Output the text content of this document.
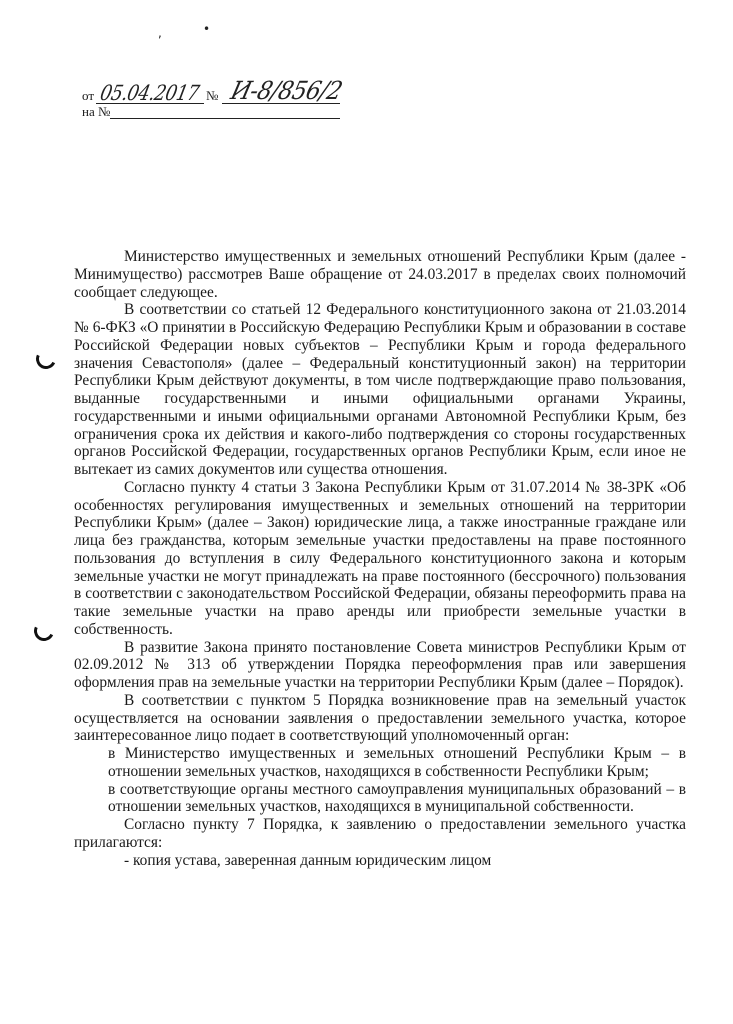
,	•
от 05.04.2017 № И-8/856/2
на №

Министерство имущественных и земельных отношений Республики Крым (далее - Минимущество) рассмотрев Ваше обращение от 24.03.2017 в пределах своих полномочий сообщает следующее.

В соответствии со статьей 12 Федерального конституционного закона от 21.03.2014 № 6-ФКЗ «О принятии в Российскую Федерацию Республики Крым и образовании в составе Российской Федерации новых субъектов – Республики Крым и города федерального значения Севастополя» (далее – Федеральный конституционный закон) на территории Республики Крым действуют документы, в том числе подтверждающие право пользования, выданные государственными и иными официальными органами Украины, государственными и иными официальными органами Автономной Республики Крым, без ограничения срока их действия и какого-либо подтверждения со стороны государственных органов Российской Федерации, государственных органов Республики Крым, если иное не вытекает из самих документов или существа отношения.

Согласно пункту 4 статьи 3 Закона Республики Крым от 31.07.2014 № 38-ЗРК «Об особенностях регулирования имущественных и земельных отношений на территории Республики Крым» (далее – Закон) юридические лица, а также иностранные граждане или лица без гражданства, которым земельные участки предоставлены на праве постоянного пользования до вступления в силу Федерального конституционного закона и которым земельные участки не могут принадлежать на праве постоянного (бессрочного) пользования в соответствии с законодательством Российской Федерации, обязаны переоформить права на такие земельные участки на право аренды или приобрести земельные участки в собственность.

В развитие Закона принято постановление Совета министров Республики Крым от 02.09.2012 № 313 об утверждении Порядка переоформления прав или завершения оформления прав на земельные участки на территории Республики Крым (далее – Порядок).

В соответствии с пунктом 5 Порядка возникновение прав на земельный участок осуществляется на основании заявления о предоставлении земельного участка, которое заинтересованное лицо подает в соответствующий уполномоченный орган:

в Министерство имущественных и земельных отношений Республики Крым – в отношении земельных участков, находящихся в собственности Республики Крым;

в соответствующие органы местного самоуправления муниципальных образований – в отношении земельных участков, находящихся в муниципальной собственности.

Согласно пункту 7 Порядка, к заявлению о предоставлении земельного участка прилагаются:

- копия устава, заверенная данным юридическим лицом
